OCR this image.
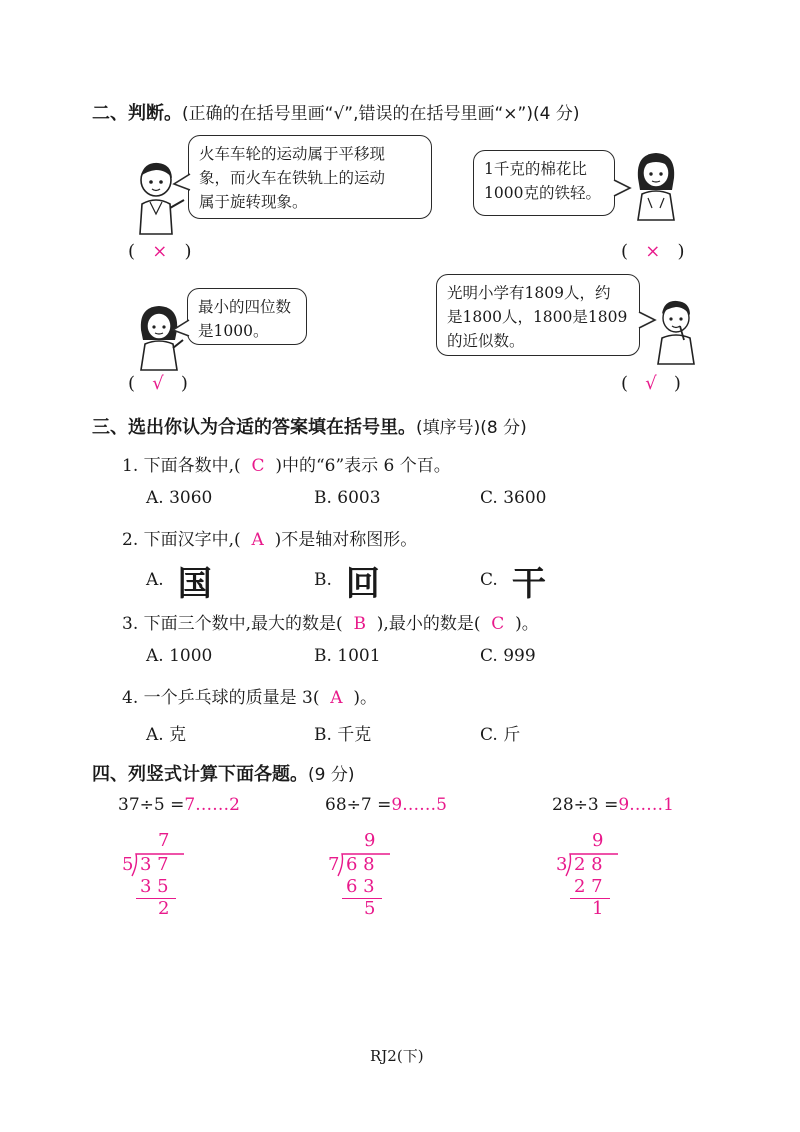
二、判断。(正确的在括号里画“√”,错误的在括号里画“×”)(4 分)
火车车轮的运动属于平移现
象，而火车在铁轨上的运动
属于旋转现象。
1千克的棉花比
1000克的铁轻。
(   ×   )	(   ×   )
最小的四位数
是1000。
光明小学有1809人，约
是1800人，1800是1809
的近似数。
(   √   )	(   √   )
三、选出你认为合适的答案填在括号里。(填序号)(8 分)
1. 下面各数中,( C )中的“6”表示 6 个百。
A. 3060	B. 6003	C. 3600
2. 下面汉字中,( A )不是轴对称图形。
A. 国	B. 回	C. 干
3. 下面三个数中,最大的数是( B ),最小的数是( C )。
A. 1000	B. 1001	C. 999
4. 一个乒乓球的质量是 3( A )。
A. 克	B. 千克	C. 斤
四、列竖式计算下面各题。(9 分)
37÷5 =7……2	68÷7 =9……5	28÷3 =9……1
7
5 3 7
3 5
2
9
7 6 8
6 3
5
9
3 2 8
2 7
1
RJ2(下)
